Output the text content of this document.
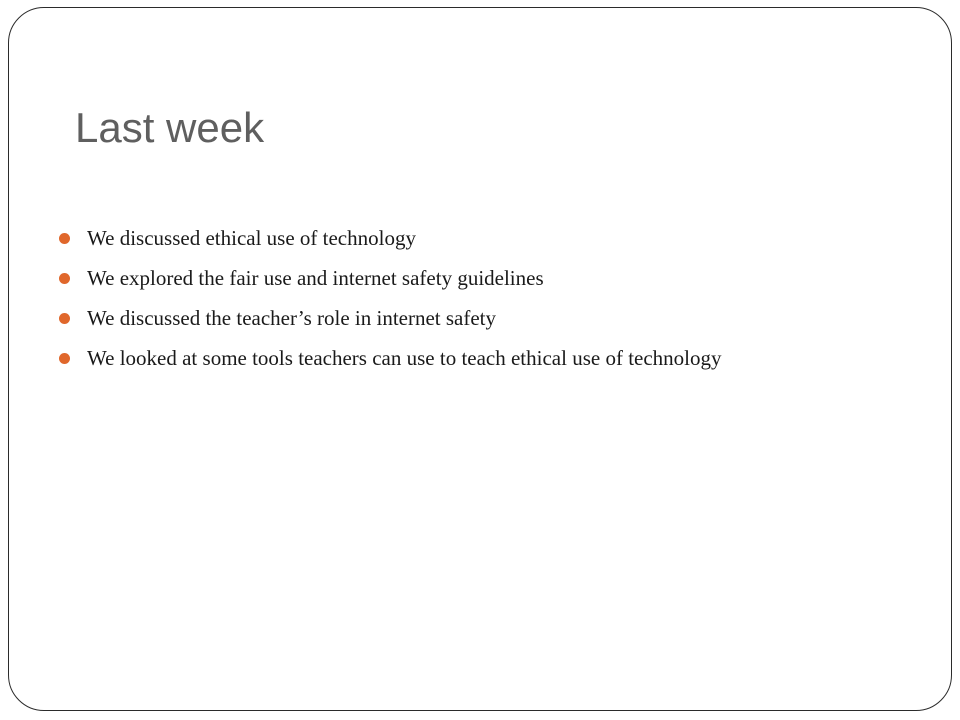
Last week
We discussed ethical use of technology
We explored the fair use and internet safety guidelines
We discussed the teacher’s role in internet safety
We looked at some tools teachers can use to teach ethical use of technology
